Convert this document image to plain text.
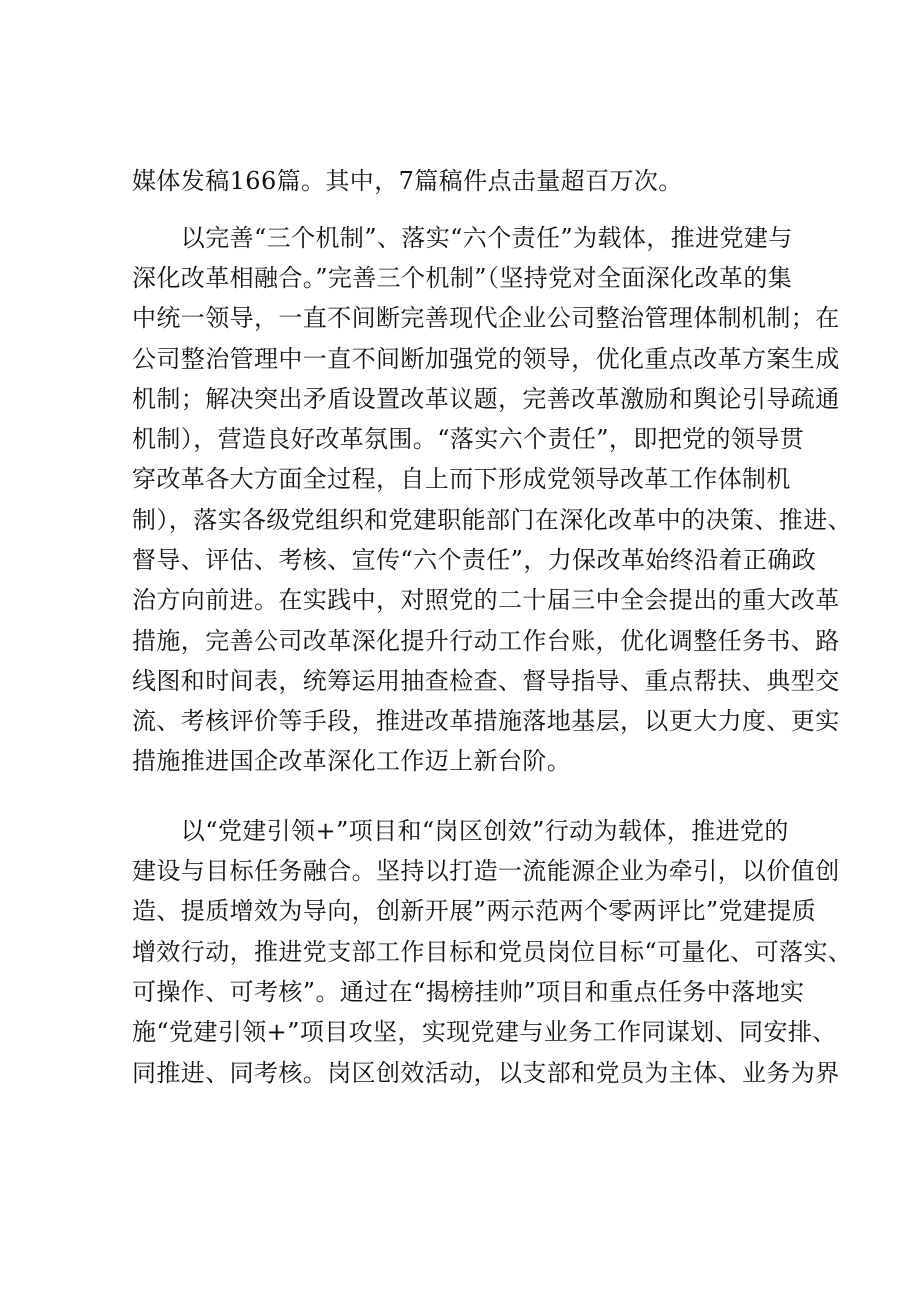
媒体发稿166篇。其中，7篇稿件点击量超百万次。
　　以完善“三个机制”、落实“六个责任”为载体，推进党建与
深化改革相融合。”完善三个机制”（坚持党对全面深化改革的集
中统一领导，一直不间断完善现代企业公司整治管理体制机制；在
公司整治管理中一直不间断加强党的领导，优化重点改革方案生成
机制；解决突出矛盾设置改革议题，完善改革激励和舆论引导疏通
机制），营造良好改革氛围。“落实六个责任”，即把党的领导贯
穿改革各大方面全过程，自上而下形成党领导改革工作体制机
制），落实各级党组织和党建职能部门在深化改革中的决策、推进、
督导、评估、考核、宣传“六个责任”，力保改革始终沿着正确政
治方向前进。在实践中，对照党的二十届三中全会提出的重大改革
措施，完善公司改革深化提升行动工作台账，优化调整任务书、路
线图和时间表，统筹运用抽查检查、督导指导、重点帮扶、典型交
流、考核评价等手段，推进改革措施落地基层，以更大力度、更实
措施推进国企改革深化工作迈上新台阶。
　　以“党建引领+”项目和“岗区创效”行动为载体，推进党的
建设与目标任务融合。坚持以打造一流能源企业为牵引，以价值创
造、提质增效为导向，创新开展”两示范两个零两评比”党建提质
增效行动，推进党支部工作目标和党员岗位目标“可量化、可落实、
可操作、可考核”。通过在“揭榜挂帅”项目和重点任务中落地实
施“党建引领+”项目攻坚，实现党建与业务工作同谋划、同安排、
同推进、同考核。岗区创效活动，以支部和党员为主体、业务为界
